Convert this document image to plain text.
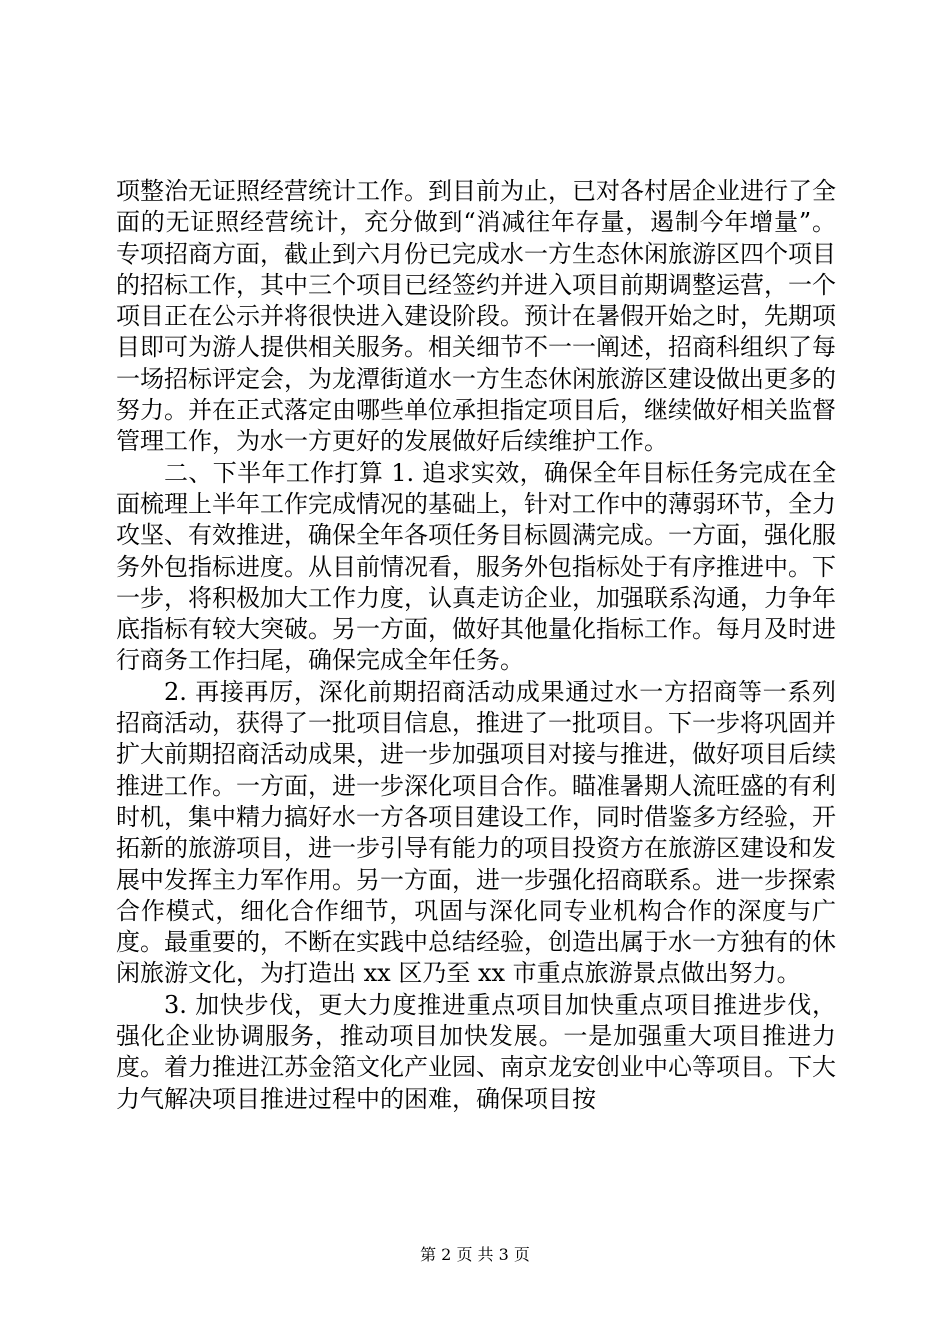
项整治无证照经营统计工作。到目前为止，已对各村居企业进行了全面的无证照经营统计，充分做到“消减往年存量，遏制今年增量”。专项招商方面，截止到六月份已完成水一方生态休闲旅游区四个项目的招标工作，其中三个项目已经签约并进入项目前期调整运营，一个项目正在公示并将很快进入建设阶段。预计在暑假开始之时，先期项目即可为游人提供相关服务。相关细节不一一阐述，招商科组织了每一场招标评定会，为龙潭街道水一方生态休闲旅游区建设做出更多的努力。并在正式落定由哪些单位承担指定项目后，继续做好相关监督管理工作，为水一方更好的发展做好后续维护工作。

二、下半年工作打算 1. 追求实效，确保全年目标任务完成在全面梳理上半年工作完成情况的基础上，针对工作中的薄弱环节，全力攻坚、有效推进，确保全年各项任务目标圆满完成。一方面，强化服务外包指标进度。从目前情况看，服务外包指标处于有序推进中。下一步，将积极加大工作力度，认真走访企业，加强联系沟通，力争年底指标有较大突破。另一方面，做好其他量化指标工作。每月及时进行商务工作扫尾，确保完成全年任务。

2. 再接再厉，深化前期招商活动成果通过水一方招商等一系列招商活动，获得了一批项目信息，推进了一批项目。下一步将巩固并扩大前期招商活动成果，进一步加强项目对接与推进，做好项目后续推进工作。一方面，进一步深化项目合作。瞄准暑期人流旺盛的有利时机，集中精力搞好水一方各项目建设工作，同时借鉴多方经验，开拓新的旅游项目，进一步引导有能力的项目投资方在旅游区建设和发展中发挥主力军作用。另一方面，进一步强化招商联系。进一步探索合作模式，细化合作细节，巩固与深化同专业机构合作的深度与广度。最重要的，不断在实践中总结经验，创造出属于水一方独有的休闲旅游文化，为打造出 xx 区乃至 xx 市重点旅游景点做出努力。

3. 加快步伐，更大力度推进重点项目加快重点项目推进步伐，强化企业协调服务，推动项目加快发展。一是加强重大项目推进力度。着力推进江苏金箔文化产业园、南京龙安创业中心等项目。下大力气解决项目推进过程中的困难，确保项目按

第 2 页 共 3 页
